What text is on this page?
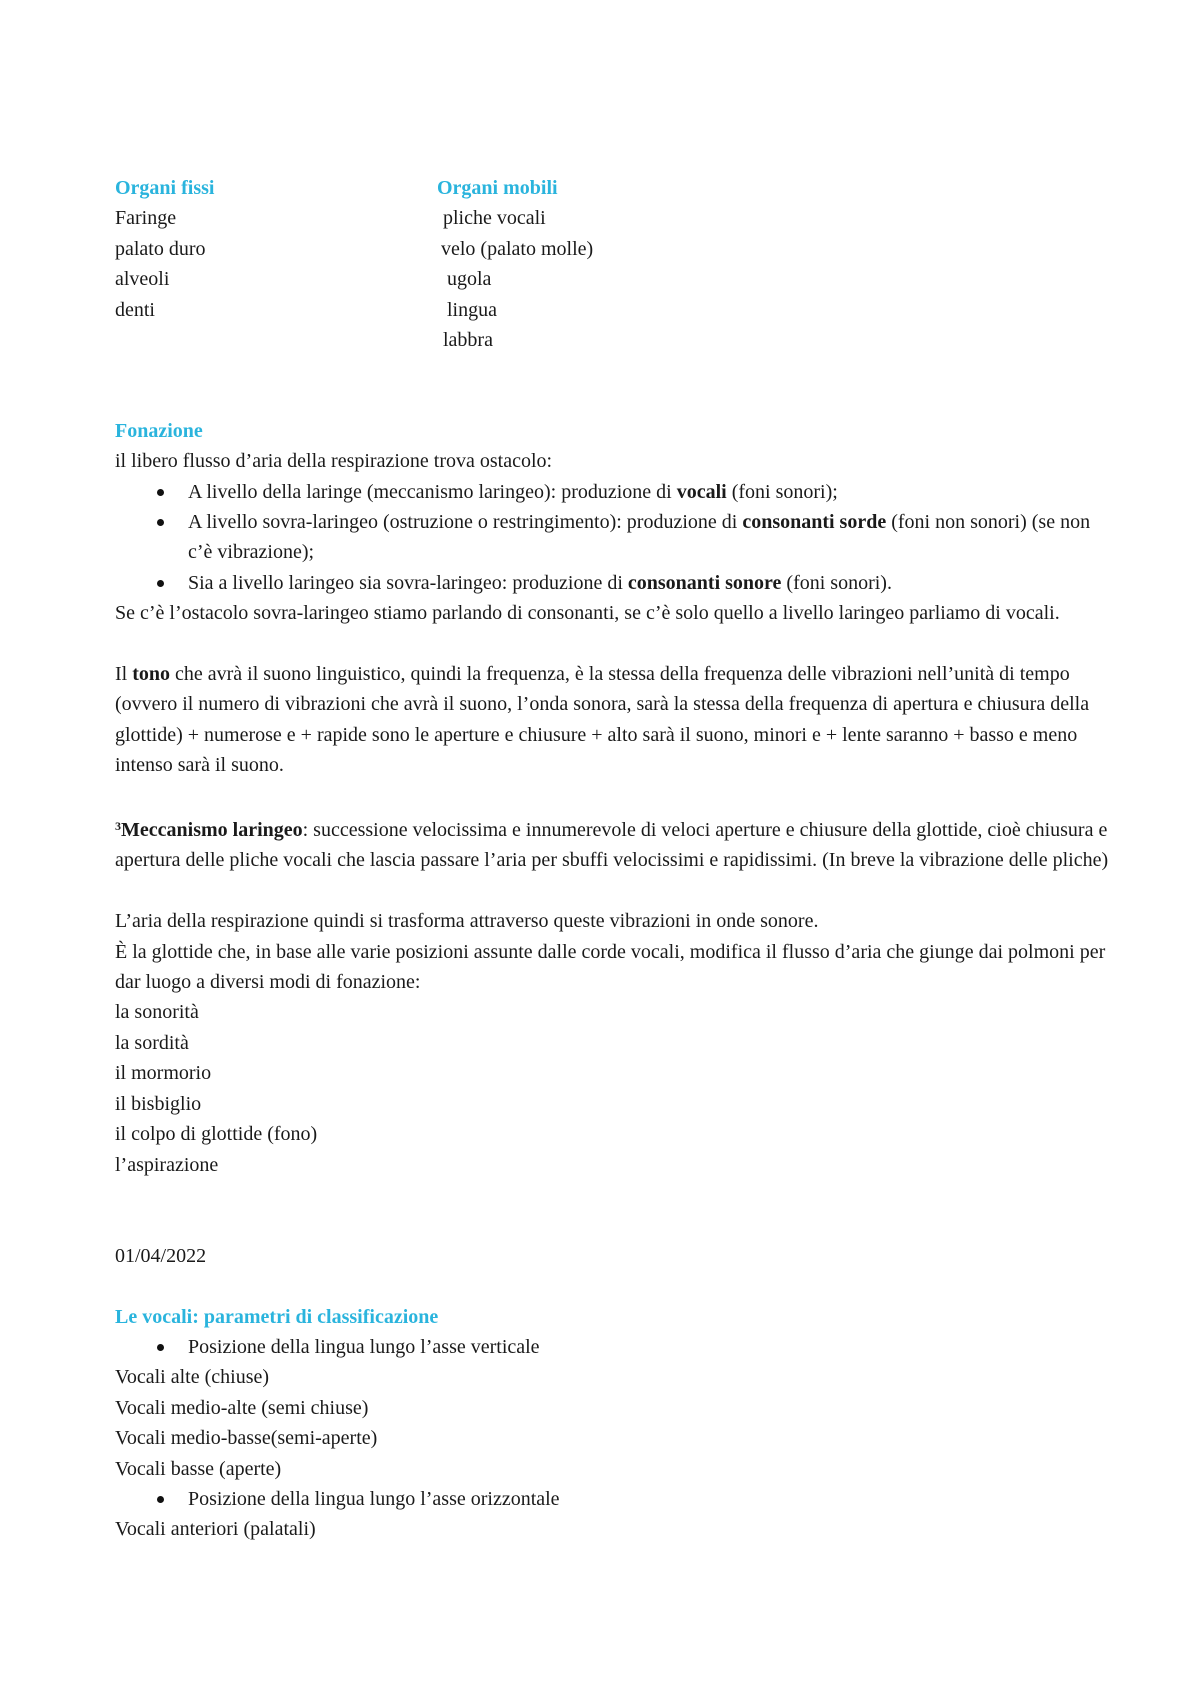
Organi fissi
Faringe
palato duro
alveoli
denti
Organi mobili
pliche vocali
velo (palato molle)
ugola
lingua
labbra

Fonazione

il libero flusso d’aria della respirazione trova ostacolo:

A livello della laringe (meccanismo laringeo): produzione di vocali (foni sonori);
A livello sovra-laringeo (ostruzione o restringimento): produzione di consonanti sorde (foni non sonori) (se non c’è vibrazione);
Sia a livello laringeo sia sovra-laringeo: produzione di consonanti sonore (foni sonori).

Se c’è l’ostacolo sovra-laringeo stiamo parlando di consonanti, se c’è solo quello a livello laringeo parliamo di vocali.

Il tono che avrà il suono linguistico, quindi la frequenza, è la stessa della frequenza delle vibrazioni nell’unità di tempo (ovvero il numero di vibrazioni che avrà il suono, l’onda sonora, sarà la stessa della frequenza di apertura e chiusura della glottide) + numerose e + rapide sono le aperture e chiusure + alto sarà il suono, minori e + lente saranno + basso e meno intenso sarà il suono.

$^3$Meccanismo laringeo: successione velocissima e innumerevole di veloci aperture e chiusure della glottide, cioè chiusura e apertura delle pliche vocali che lascia passare l’aria per sbuffi velocissimi e rapidissimi. (In breve la vibrazione delle pliche)

L’aria della respirazione quindi si trasforma attraverso queste vibrazioni in onde sonore.

È la glottide che, in base alle varie posizioni assunte dalle corde vocali, modifica il flusso d’aria che giunge dai polmoni per dar luogo a diversi modi di fonazione:

la sonorità
la sordità
il mormorio
il bisbiglio
il colpo di glottide (fono)
l’aspirazione
01/04/2022

Le vocali: parametri di classificazione

Posizione della lingua lungo l’asse verticale
Vocali alte (chiuse)
Vocali medio-alte (semi chiuse)
Vocali medio-basse(semi-aperte)
Vocali basse (aperte)
Posizione della lingua lungo l’asse orizzontale
Vocali anteriori (palatali)
